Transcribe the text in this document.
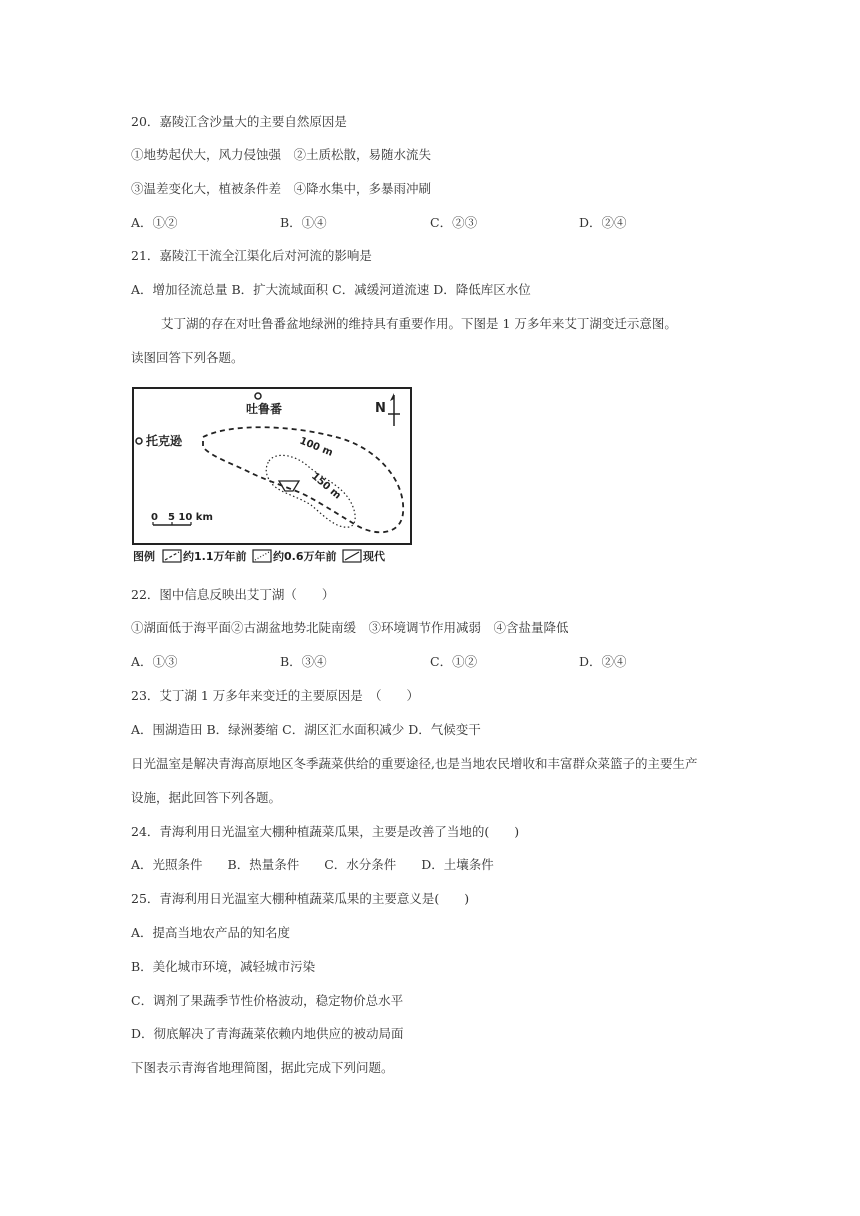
20．嘉陵江含沙量大的主要自然原因是
①地势起伏大，风力侵蚀强　②土质松散，易随水流失
③温差变化大，植被条件差　④降水集中，多暴雨冲刷
A．①②	B．①④	C．②③	D．②④
21．嘉陵江干流全江渠化后对河流的影响是
A．增加径流总量 B．扩大流域面积 C．减缓河道流速 D．降低库区水位
艾丁湖的存在对吐鲁番盆地绿洲的维持具有重要作用。下图是 1 万多年来艾丁湖变迁示意图。
读图回答下列各题。
吐鲁番
托克逊
N
100 m
150 m
0　5 10 km
图例	约1.1万年前 约0.6万年前 现代
22．图中信息反映出艾丁湖（　　）
①湖面低于海平面②古湖盆地势北陡南缓　③环境调节作用减弱　④含盐量降低
A．①③	B．③④	C．①②	D．②④
23．艾丁湖 1 万多年来变迁的主要原因是　（　　）
A．围湖造田 B．绿洲萎缩 C．湖区汇水面积减少 D．气候变干
日光温室是解决青海高原地区冬季蔬菜供给的重要途径,也是当地农民增收和丰富群众菜篮子的主要生产
设施，据此回答下列各题。
24．青海利用日光温室大棚种植蔬菜瓜果，主要是改善了当地的(　　)
A．光照条件　　B．热量条件　　C．水分条件　　D．土壤条件
25．青海利用日光温室大棚种植蔬菜瓜果的主要意义是(　　)
A．提高当地农产品的知名度
B．美化城市环境，减轻城市污染
C．调剂了果蔬季节性价格波动，稳定物价总水平
D．彻底解决了青海蔬菜依赖内地供应的被动局面
下图表示青海省地理简图，据此完成下列问题。
